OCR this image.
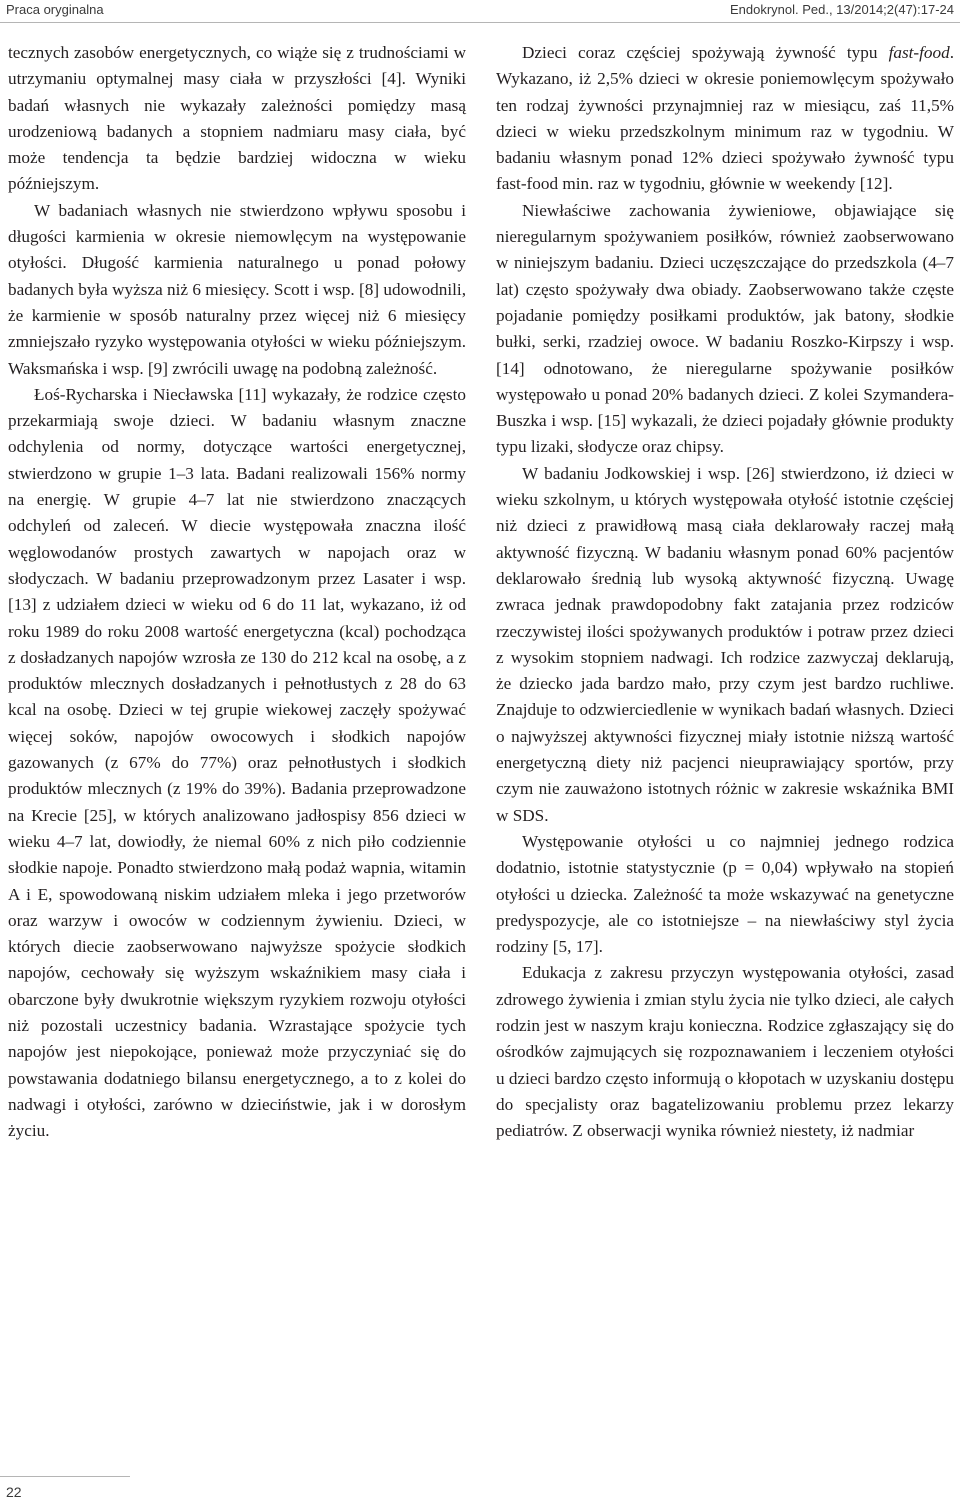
Praca oryginalna	Endokrynol. Ped., 13/2014;2(47):17-24

tecznych zasobów energetycznych, co wiąże się z trudnościami w utrzymaniu optymalnej masy ciała w przyszłości [4]. Wyniki badań własnych nie wykazały zależności pomiędzy masą urodzeniową badanych a stopniem nadmiaru masy ciała, być może tendencja ta będzie bardziej widoczna w wieku późniejszym.

W badaniach własnych nie stwierdzono wpływu sposobu i długości karmienia w okresie niemowlęcym na występowanie otyłości. Długość karmienia naturalnego u ponad połowy badanych była wyższa niż 6 miesięcy. Scott i wsp. [8] udowodnili, że karmienie w sposób naturalny przez więcej niż 6 miesięcy zmniejszało ryzyko występowania otyłości w wieku późniejszym. Waksmańska i wsp. [9] zwrócili uwagę na podobną zależność.

Łoś-Rycharska i Niecławska [11] wykazały, że rodzice często przekarmiają swoje dzieci. W badaniu własnym znaczne odchylenia od normy, dotyczące wartości energetycznej, stwierdzono w grupie 1–3 lata. Badani realizowali 156% normy na energię. W grupie 4–7 lat nie stwierdzono znaczących odchyleń od zaleceń. W diecie występowała znaczna ilość węglowodanów prostych zawartych w napojach oraz w słodyczach. W badaniu przeprowadzonym przez Lasater i wsp. [13] z udziałem dzieci w wieku od 6 do 11 lat, wykazano, iż od roku 1989 do roku 2008 wartość energetyczna (kcal) pochodząca z dosładzanych napojów wzrosła ze 130 do 212 kcal na osobę, a z produktów mlecznych dosładzanych i pełnotłustych z 28 do 63 kcal na osobę. Dzieci w tej grupie wiekowej zaczęły spożywać więcej soków, napojów owocowych i słodkich napojów gazowanych (z 67% do 77%) oraz pełnotłustych i słodkich produktów mlecznych (z 19% do 39%). Badania przeprowadzone na Krecie [25], w których analizowano jadłospisy 856 dzieci w wieku 4–7 lat, dowiodły, że niemal 60% z nich piło codziennie słodkie napoje. Ponadto stwierdzono małą podaż wapnia, witamin A i E, spowodowaną niskim udziałem mleka i jego przetworów oraz warzyw i owoców w codziennym żywieniu. Dzieci, w których diecie zaobserwowano najwyższe spożycie słodkich napojów, cechowały się wyższym wskaźnikiem masy ciała i obarczone były dwukrotnie większym ryzykiem rozwoju otyłości niż pozostali uczestnicy badania. Wzrastające spożycie tych napojów jest niepokojące, ponieważ może przyczyniać się do powstawania dodatniego bilansu energetycznego, a to z kolei do nadwagi i otyłości, zarówno w dzieciństwie, jak i w dorosłym życiu.

Dzieci coraz częściej spożywają żywność typu fast-food. Wykazano, iż 2,5% dzieci w okresie poniemowlęcym spożywało ten rodzaj żywności przynajmniej raz w miesiącu, zaś 11,5% dzieci w wieku przedszkolnym minimum raz w tygodniu. W badaniu własnym ponad 12% dzieci spożywało żywność typu fast-food min. raz w tygodniu, głównie w weekendy [12].

Niewłaściwe zachowania żywieniowe, objawiające się nieregularnym spożywaniem posiłków, również zaobserwowano w niniejszym badaniu. Dzieci uczęszczające do przedszkola (4–7 lat) często spożywały dwa obiady. Zaobserwowano także częste pojadanie pomiędzy posiłkami produktów, jak batony, słodkie bułki, serki, rzadziej owoce. W badaniu Roszko-Kirpszy i wsp. [14] odnotowano, że nieregularne spożywanie posiłków występowało u ponad 20% badanych dzieci. Z kolei Szymandera-Buszka i wsp. [15] wykazali, że dzieci pojadały głównie produkty typu lizaki, słodycze oraz chipsy.

W badaniu Jodkowskiej i wsp. [26] stwierdzono, iż dzieci w wieku szkolnym, u których występowała otyłość istotnie częściej niż dzieci z prawidłową masą ciała deklarowały raczej małą aktywność fizyczną. W badaniu własnym ponad 60% pacjentów deklarowało średnią lub wysoką aktywność fizyczną. Uwagę zwraca jednak prawdopodobny fakt zatajania przez rodziców rzeczywistej ilości spożywanych produktów i potraw przez dzieci z wysokim stopniem nadwagi. Ich rodzice zazwyczaj deklarują, że dziecko jada bardzo mało, przy czym jest bardzo ruchliwe. Znajduje to odzwierciedlenie w wynikach badań własnych. Dzieci o najwyższej aktywności fizycznej miały istotnie niższą wartość energetyczną diety niż pacjenci nieuprawiający sportów, przy czym nie zauważono istotnych różnic w zakresie wskaźnika BMI w SDS.

Występowanie otyłości u co najmniej jednego rodzica dodatnio, istotnie statystycznie (p = 0,04) wpływało na stopień otyłości u dziecka. Zależność ta może wskazywać na genetyczne predyspozycje, ale co istotniejsze – na niewłaściwy styl życia rodziny [5, 17].

Edukacja z zakresu przyczyn występowania otyłości, zasad zdrowego żywienia i zmian stylu życia nie tylko dzieci, ale całych rodzin jest w naszym kraju konieczna. Rodzice zgłaszający się do ośrodków zajmujących się rozpoznawaniem i leczeniem otyłości u dzieci bardzo często informują o kłopotach w uzyskaniu dostępu do specjalisty oraz bagatelizowaniu problemu przez lekarzy pediatrów. Z obserwacji wynika również niestety, iż nadmiar

22
